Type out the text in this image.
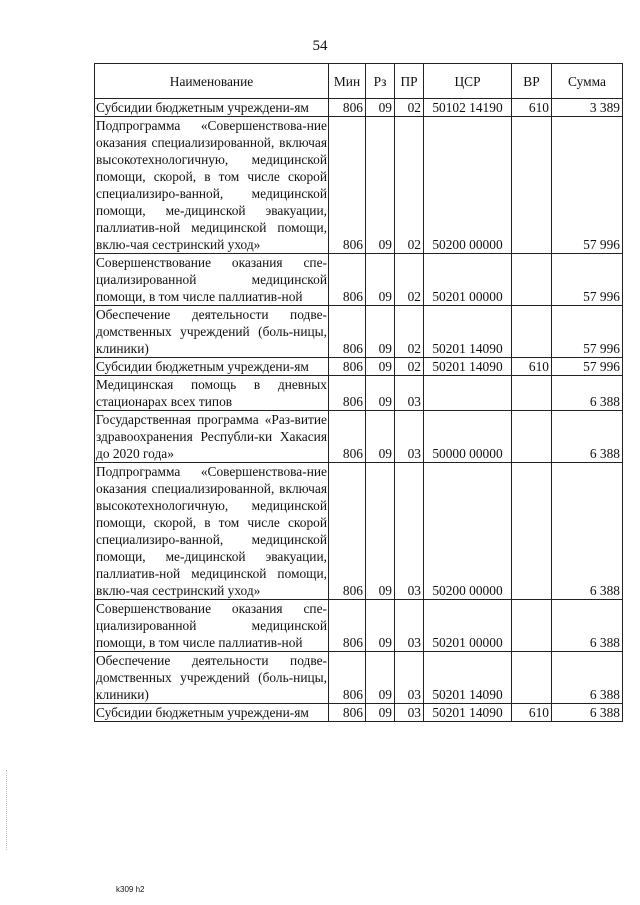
54
Наименование	Мин	Рз	ПР	ЦСР	ВР	Сумма
Субсидии бюджетным учреждени-ям	806	09	02	50102 14190	610	3 389
Подпрограмма «Совершенствова-ние оказания специализированной, включая высокотехнологичную, медицинской помощи, скорой, в том числе скорой специализиро-ванной, медицинской помощи, ме-дицинской эвакуации, паллиатив-ной медицинской помощи, вклю-чая сестринский уход»	806	09	02	50200 00000		57 996
Совершенствование оказания спе-циализированной медицинской помощи, в том числе паллиатив-ной	806	09	02	50201 00000		57 996
Обеспечение деятельности подве-домственных учреждений (боль-ницы, клиники)	806	09	02	50201 14090		57 996
Субсидии бюджетным учреждени-ям	806	09	02	50201 14090	610	57 996
Медицинская помощь в дневных стационарах всех типов	806	09	03			6 388
Государственная программа «Раз-витие здравоохранения Республи-ки Хакасия до 2020 года»	806	09	03	50000 00000		6 388
Подпрограмма «Совершенствова-ние оказания специализированной, включая высокотехнологичную, медицинской помощи, скорой, в том числе скорой специализиро-ванной, медицинской помощи, ме-дицинской эвакуации, паллиатив-ной медицинской помощи, вклю-чая сестринский уход»	806	09	03	50200 00000		6 388
Совершенствование оказания спе-циализированной медицинской помощи, в том числе паллиатив-ной	806	09	03	50201 00000		6 388
Обеспечение деятельности подве-домственных учреждений (боль-ницы, клиники)	806	09	03	50201 14090		6 388
Субсидии бюджетным учреждени-ям	806	09	03	50201 14090	610	6 388
k309 h2
